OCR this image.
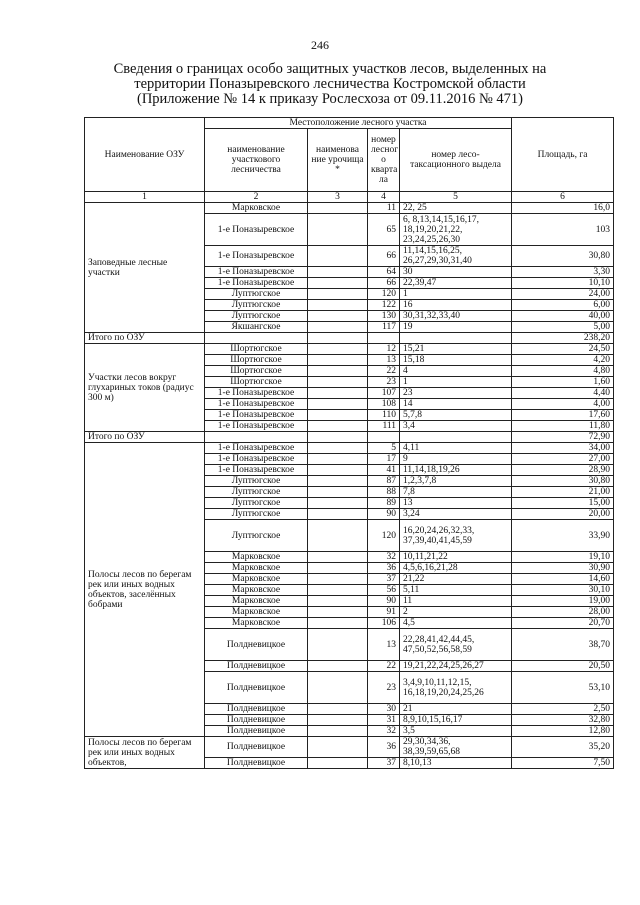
246
Сведения о границах особо защитных участков лесов, выделенных на
территории Поназыревского лесничества Костромской области
(Приложение № 14 к приказу Рослесхоза от 09.11.2016 № 471)
Наименование ОЗУ	Местоположение лесного участка				Площадь, га
	наименование участкового лесничества	наименова ние урочища *	номер лесног о кварта ла	номер лесо- таксационного выдела	
1	2	3	4	5	6
Заповедные лесные участки	Марковское		11	22, 25	16,0
	1-е Поназыревское		65	6, 8,13,14,15,16,17, 18,19,20,21,22, 23,24,25,26,30	103
	1-е Поназыревское		66	11,14,15,16,25, 26,27,29,30,31,40	30,80
	1-е Поназыревское		64	30	3,30
	1-е Поназыревское		66	22,39,47	10,10
	Луптюгское		120	1	24,00
	Луптюгское		122	16	6,00
	Луптюгское		130	30,31,32,33,40	40,00
	Якшангское		117	19	5,00
Итого по ОЗУ					238,20
Участки лесов вокруг глухариных токов (радиус 300 м)	Шортюгское		12	15,21	24,50
	Шортюгское		13	15,18	4,20
	Шортюгское		22	4	4,80
	Шортюгское		23	1	1,60
	1-е Поназыревское		107	23	4,40
	1-е Поназыревское		108	14	4,00
	1-е Поназыревское		110	5,7,8	17,60
	1-е Поназыревское		111	3,4	11,80
Итого по ОЗУ					72,90
Полосы лесов по берегам рек или иных водных объектов, заселённых бобрами	1-е Поназыревское		5	4,11	34,00
	1-е Поназыревское		17	9	27,00
	1-е Поназыревское		41	11,14,18,19,26	28,90
	Луптюгское		87	1,2,3,7,8	30,80
	Луптюгское		88	7,8	21,00
	Луптюгское		89	13	15,00
	Луптюгское		90	3,24	20,00
	Луптюгское		120	16,20,24,26,32,33, 37,39,40,41,45,59	33,90
	Марковское		32	10,11,21,22	19,10
	Марковское		36	4,5,6,16,21,28	30,90
	Марковское		37	21,22	14,60
	Марковское		56	5,11	30,10
	Марковское		90	11	19,00
	Марковское		91	2	28,00
	Марковское		106	4,5	20,70
	Полдневицкое		13	22,28,41,42,44,45, 47,50,52,56,58,59	38,70
	Полдневицкое		22	19,21,22,24,25,26,27	20,50
	Полдневицкое		23	3,4,9,10,11,12,15, 16,18,19,20,24,25,26	53,10
	Полдневицкое		30	21	2,50
	Полдневицкое		31	8,9,10,15,16,17	32,80
	Полдневицкое		32	3,5	12,80
Полосы лесов по берегам рек или иных водных объектов,	Полдневицкое		36	29,30,34,36, 38,39,59,65,68	35,20
	Полдневицкое		37	8,10,13	7,50
